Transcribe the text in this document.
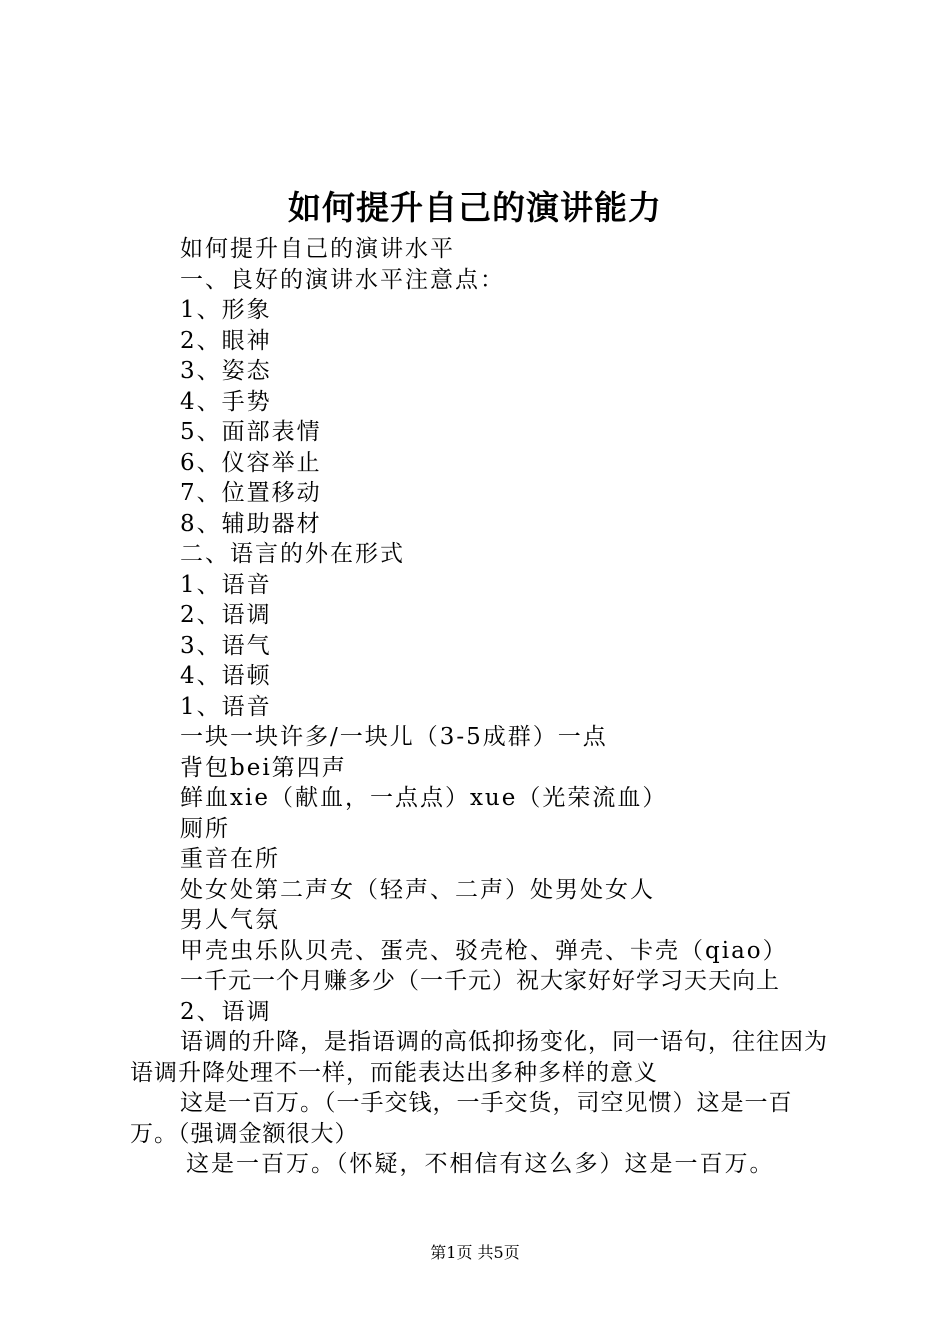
如何提升自己的演讲能力
如何提升自己的演讲水平
一、良好的演讲水平注意点：
1、形象
2、眼神
3、姿态
4、手势
5、面部表情
6、仪容举止
7、位置移动
8、辅助器材
二、语言的外在形式
1、语音
2、语调
3、语气
4、语顿
1、语音
一块一块许多/一块儿（3-5成群）一点
背包bei第四声
鲜血xie（献血，一点点）xue（光荣流血）
厕所
重音在所
处女处第二声女（轻声、二声）处男处女人
男人气氛
甲壳虫乐队贝壳、蛋壳、驳壳枪、弹壳、卡壳（qiao）
一千元一个月赚多少（一千元）祝大家好好学习天天向上
2、语调
语调的升降，是指语调的高低抑扬变化，同一语句，往往因为语调升降处理不一样，而能表达出多种多样的意义
这是一百万。（一手交钱，一手交货，司空见惯）这是一百万。（强调金额很大）
这是一百万。（怀疑，不相信有这么多）这是一百万。
第1页 共5页
